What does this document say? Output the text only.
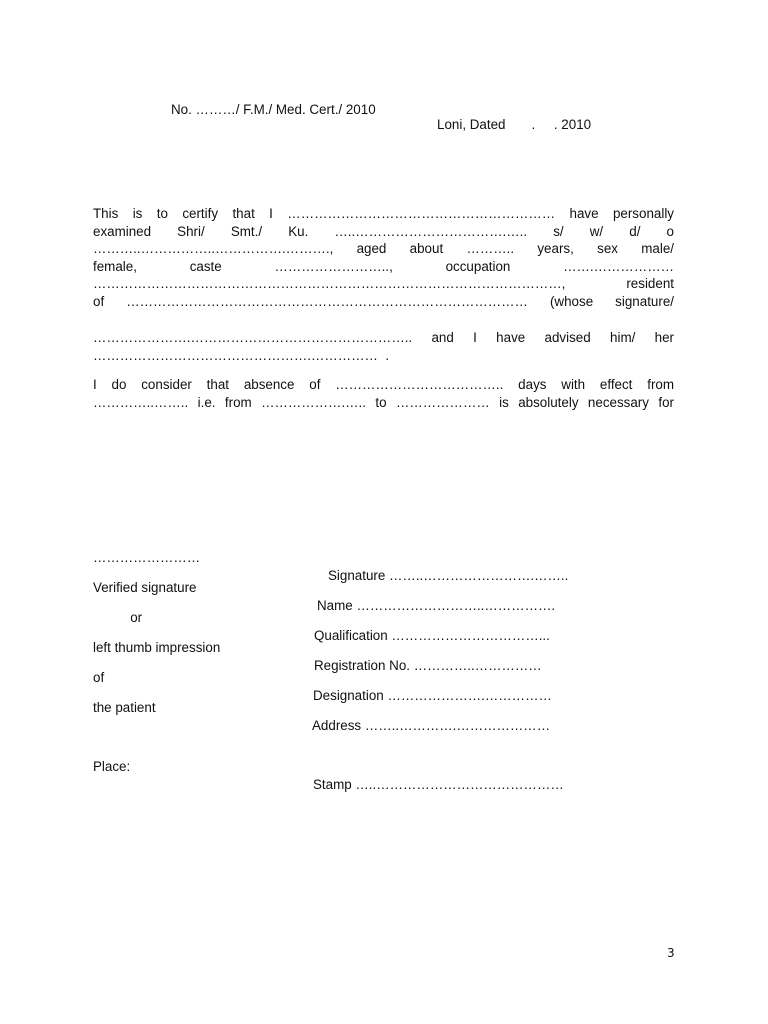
No. ………/ F.M./ Med. Cert./ 2010

Loni, Dated       .     . 2010

This is to certify that I …………………………………………………… have personally
examined Shri/ Smt./ Ku. …..…………………………….….. s/ w/ d/ o
………..……………..…………….………., aged about ……….. years, sex male/
female, caste …………………….., occupation …….………………
……………………………………………………………………………………………, resident
of ……………………………………………………………………………… (whose signature/
………………….………………………………………….. and I have advised him/ her
………………………………………….……………  .
I do consider that absence of ……………………………….. days with effect from
…………..…….. i.e. from ……………….….. to ………………… is absolutely necessary for

……………………

Signature ……..…………………….……..

Verified signature

Name ………………………..…………….

or

Qualification ……………………………...

left thumb impression

Registration No. …………..……………

of

Designation ………………….……………

the patient

Address ……..………….…………………

Place:

Stamp …..……………………………………

3
